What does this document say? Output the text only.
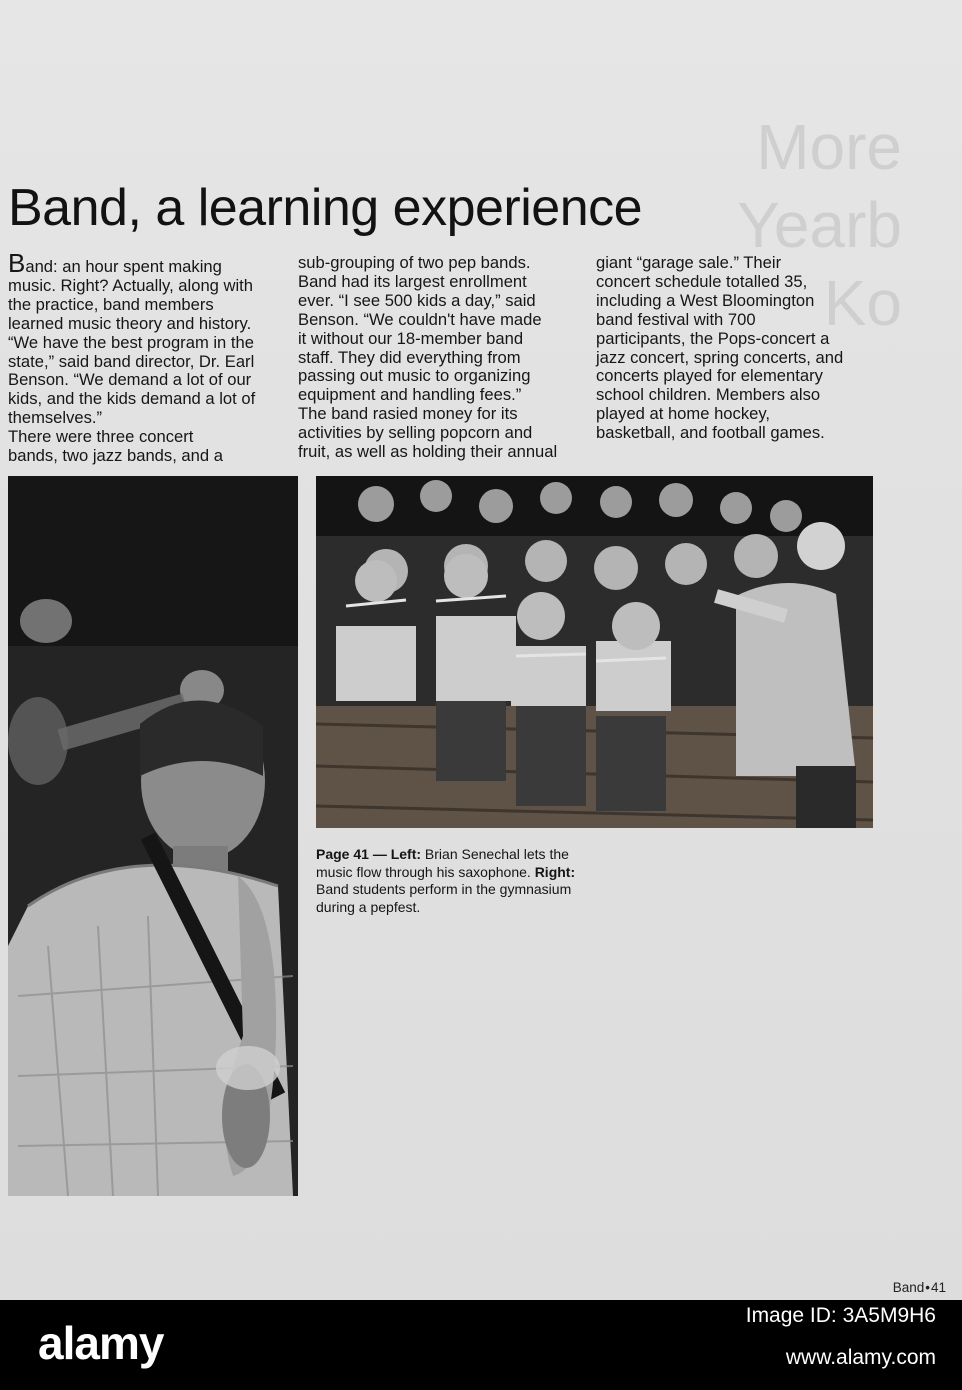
More
Yearb
Ko
Band, a learning experience
Band: an hour spent making
music. Right? Actually, along with
the practice, band members
learned music theory and history.
“We have the best program in the
state,” said band director, Dr. Earl
Benson. “We demand a lot of our
kids, and the kids demand a lot of
themselves.”
There were three concert
bands, two jazz bands, and a
sub-grouping of two pep bands.
Band had its largest enrollment
ever. “I see 500 kids a day,” said
Benson. “We couldn't have made
it without our 18-member band
staff. They did everything from
passing out music to organizing
equipment and handling fees.”
The band rasied money for its
activities by selling popcorn and
fruit, as well as holding their annual
giant “garage sale.” Their
concert schedule totalled 35,
including a West Bloomington
band festival with 700
participants, the Pops-concert a
jazz concert, spring concerts, and
concerts played for elementary
school children. Members also
played at home hockey,
basketball, and football games.
Page 41 — Left: Brian Senechal lets the music flow through his saxophone. Right: Band students perform in the gymnasium during a pepfest.
Band•41
alamy
Image ID: 3A5M9H6
www.alamy.com
